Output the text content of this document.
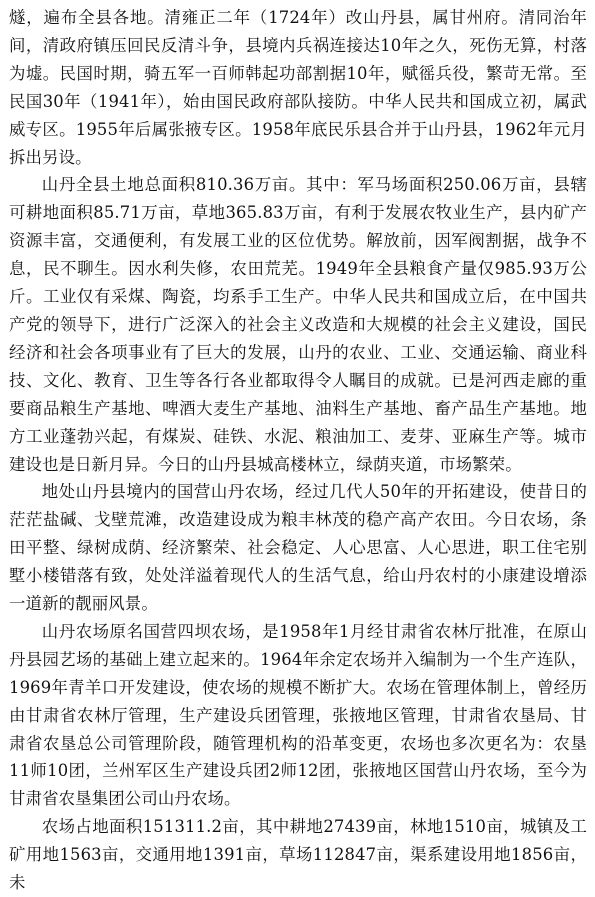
燧，遍布全县各地。清雍正二年（1724年）改山丹县，属甘州府。清同治年间，清政府镇压回民反清斗争，县境内兵祸连接达10年之久，死伤无算，村落为墟。民国时期，骑五军一百师韩起功部割据10年，赋徭兵役，繁苛无常。至民国30年（1941年），始由国民政府部队接防。中华人民共和国成立初，属武威专区。1955年后属张掖专区。1958年底民乐县合并于山丹县，1962年元月拆出另设。

山丹全县土地总面积810.36万亩。其中：军马场面积250.06万亩，县辖可耕地面积85.71万亩，草地365.83万亩，有利于发展农牧业生产，县内矿产资源丰富，交通便利，有发展工业的区位优势。解放前，因军阀割据，战争不息，民不聊生。因水利失修，农田荒芜。1949年全县粮食产量仅985.93万公斤。工业仅有采煤、陶瓷，均系手工生产。中华人民共和国成立后，在中国共产党的领导下，进行广泛深入的社会主义改造和大规模的社会主义建设，国民经济和社会各项事业有了巨大的发展，山丹的农业、工业、交通运输、商业科技、文化、教育、卫生等各行各业都取得令人瞩目的成就。已是河西走廊的重要商品粮生产基地、啤酒大麦生产基地、油料生产基地、畜产品生产基地。地方工业蓬勃兴起，有煤炭、硅铁、水泥、粮油加工、麦芽、亚麻生产等。城市建设也是日新月异。今日的山丹县城高楼林立，绿荫夹道，市场繁荣。

地处山丹县境内的国营山丹农场，经过几代人50年的开拓建设，使昔日的茫茫盐碱、戈壁荒滩，改造建设成为粮丰林茂的稳产高产农田。今日农场，条田平整、绿树成荫、经济繁荣、社会稳定、人心思富、人心思进，职工住宅别墅小楼错落有致，处处洋溢着现代人的生活气息，给山丹农村的小康建设增添一道新的靓丽风景。

山丹农场原名国营四坝农场，是1958年1月经甘肃省农林厅批准，在原山丹县园艺场的基础上建立起来的。1964年余定农场并入编制为一个生产连队，1969年青羊口开发建设，使农场的规模不断扩大。农场在管理体制上，曾经历由甘肃省农林厅管理，生产建设兵团管理，张掖地区管理，甘肃省农垦局、甘肃省农垦总公司管理阶段，随管理机构的沿革变更，农场也多次更名为：农垦11师10团，兰州军区生产建设兵团2师12团，张掖地区国营山丹农场，至今为甘肃省农垦集团公司山丹农场。

农场占地面积151311.2亩，其中耕地27439亩，林地1510亩，城镇及工矿用地1563亩，交通用地1391亩，草场112847亩，渠系建设用地1856亩，未
